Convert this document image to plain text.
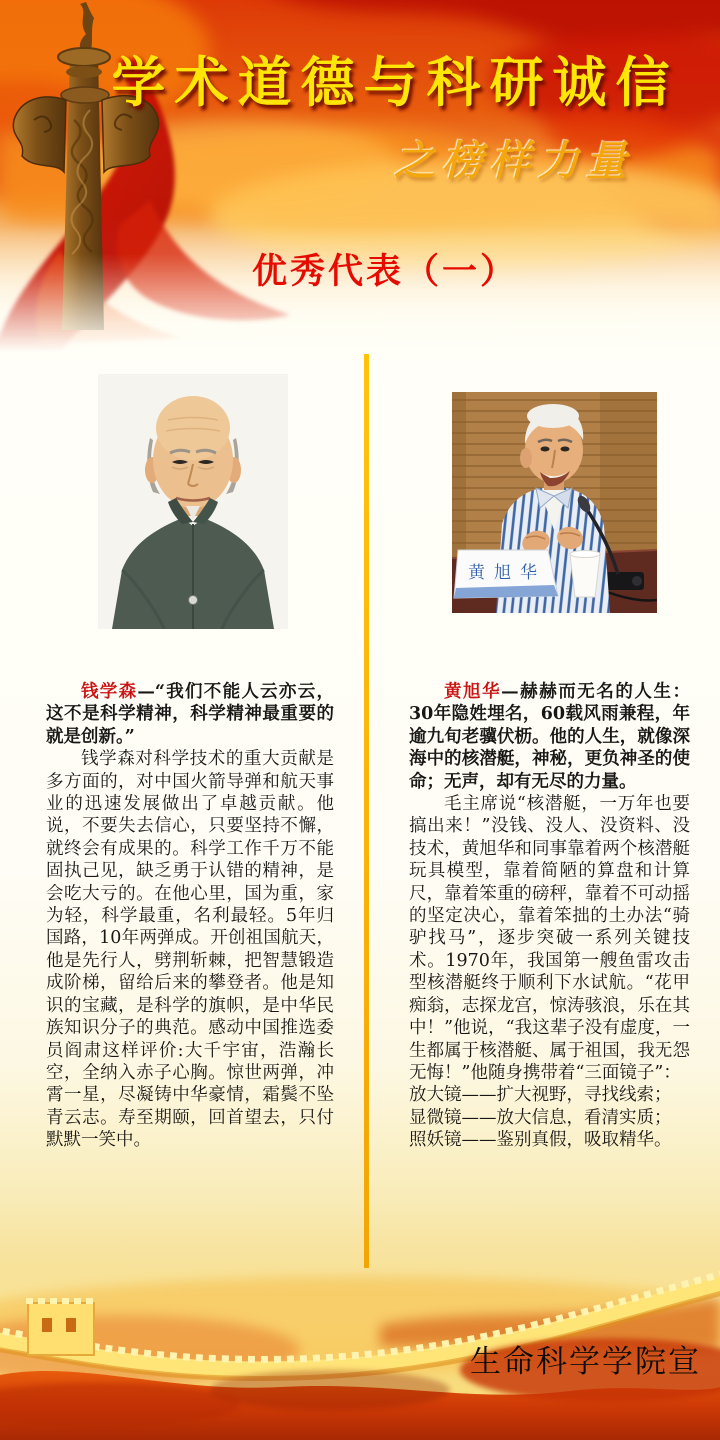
学术道德与科研诚信
之榜样力量
优秀代表（一）
黄旭华

钱学森—“我们不能人云亦云，这不是科学精神，科学精神最重要的就是创新。”

钱学森对科学技术的重大贡献是多方面的，对中国火箭导弹和航天事业的迅速发展做出了卓越贡献。他说，不要失去信心，只要坚持不懈，就终会有成果的。科学工作千万不能固执己见，缺乏勇于认错的精神，是会吃大亏的。在他心里，国为重，家为轻，科学最重，名利最轻。5年归国路，10年两弹成。开创祖国航天，他是先行人，劈荆斩棘，把智慧锻造成阶梯，留给后来的攀登者。他是知识的宝藏，是科学的旗帜，是中华民族知识分子的典范。感动中国推选委员阎肃这样评价:大千宇宙，浩瀚长空，全纳入赤子心胸。惊世两弹，冲霄一星，尽凝铸中华豪情，霜鬓不坠青云志。寿至期颐，回首望去，只付默默一笑中。

黄旭华—赫赫而无名的人生：30年隐姓埋名，60载风雨兼程，年逾九旬老骥伏枥。他的人生，就像深海中的核潜艇，神秘，更负神圣的使命；无声，却有无尽的力量。

毛主席说“核潜艇，一万年也要搞出来！”没钱、没人、没资料、没技术，黄旭华和同事靠着两个核潜艇玩具模型，靠着简陋的算盘和计算尺，靠着笨重的磅秤，靠着不可动摇的坚定决心，靠着笨拙的土办法“骑驴找马”，逐步突破一系列关键技术。1970年，我国第一艘鱼雷攻击型核潜艇终于顺利下水试航。“花甲痴翁，志探龙宫，惊涛骇浪，乐在其中！”他说，“我这辈子没有虚度，一生都属于核潜艇、属于祖国，我无怨无悔！”他随身携带着“三面镜子”：

放大镜——扩大视野，寻找线索；

显微镜——放大信息，看清实质；

照妖镜——鉴别真假，吸取精华。

生命科学学院宣
